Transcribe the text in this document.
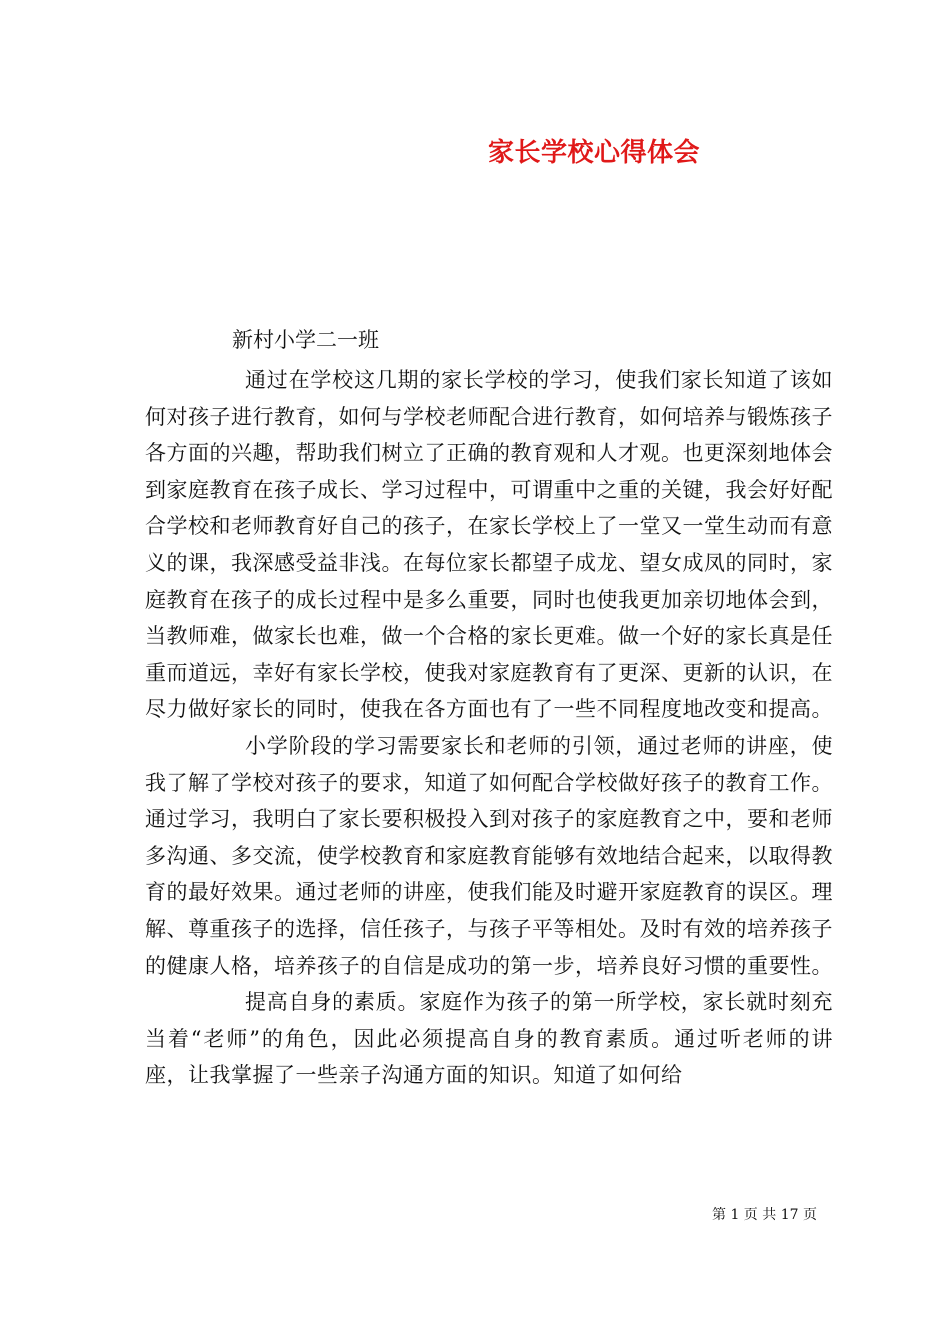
家长学校心得体会

新村小学二一班

通过在学校这几期的家长学校的学习，使我们家长知道了该如何对孩子进行教育，如何与学校老师配合进行教育，如何培养与锻炼孩子各方面的兴趣，帮助我们树立了正确的教育观和人才观。也更深刻地体会到家庭教育在孩子成长、学习过程中，可谓重中之重的关键，我会好好配合学校和老师教育好自己的孩子，在家长学校上了一堂又一堂生动而有意义的课，我深感受益非浅。在每位家长都望子成龙、望女成凤的同时，家庭教育在孩子的成长过程中是多么重要，同时也使我更加亲切地体会到，当教师难，做家长也难，做一个合格的家长更难。做一个好的家长真是任重而道远，幸好有家长学校，使我对家庭教育有了更深、更新的认识，在尽力做好家长的同时，使我在各方面也有了一些不同程度地改变和提高。

小学阶段的学习需要家长和老师的引领，通过老师的讲座，使我了解了学校对孩子的要求，知道了如何配合学校做好孩子的教育工作。通过学习，我明白了家长要积极投入到对孩子的家庭教育之中，要和老师多沟通、多交流，使学校教育和家庭教育能够有效地结合起来，以取得教育的最好效果。通过老师的讲座，使我们能及时避开家庭教育的误区。理解、尊重孩子的选择，信任孩子，与孩子平等相处。及时有效的培养孩子的健康人格，培养孩子的自信是成功的第一步，培养良好习惯的重要性。

提高自身的素质。家庭作为孩子的第一所学校，家长就时刻充当着“老师”的角色，因此必须提高自身的教育素质。通过听老师的讲座，让我掌握了一些亲子沟通方面的知识。知道了如何给

第 1 页 共 17 页
